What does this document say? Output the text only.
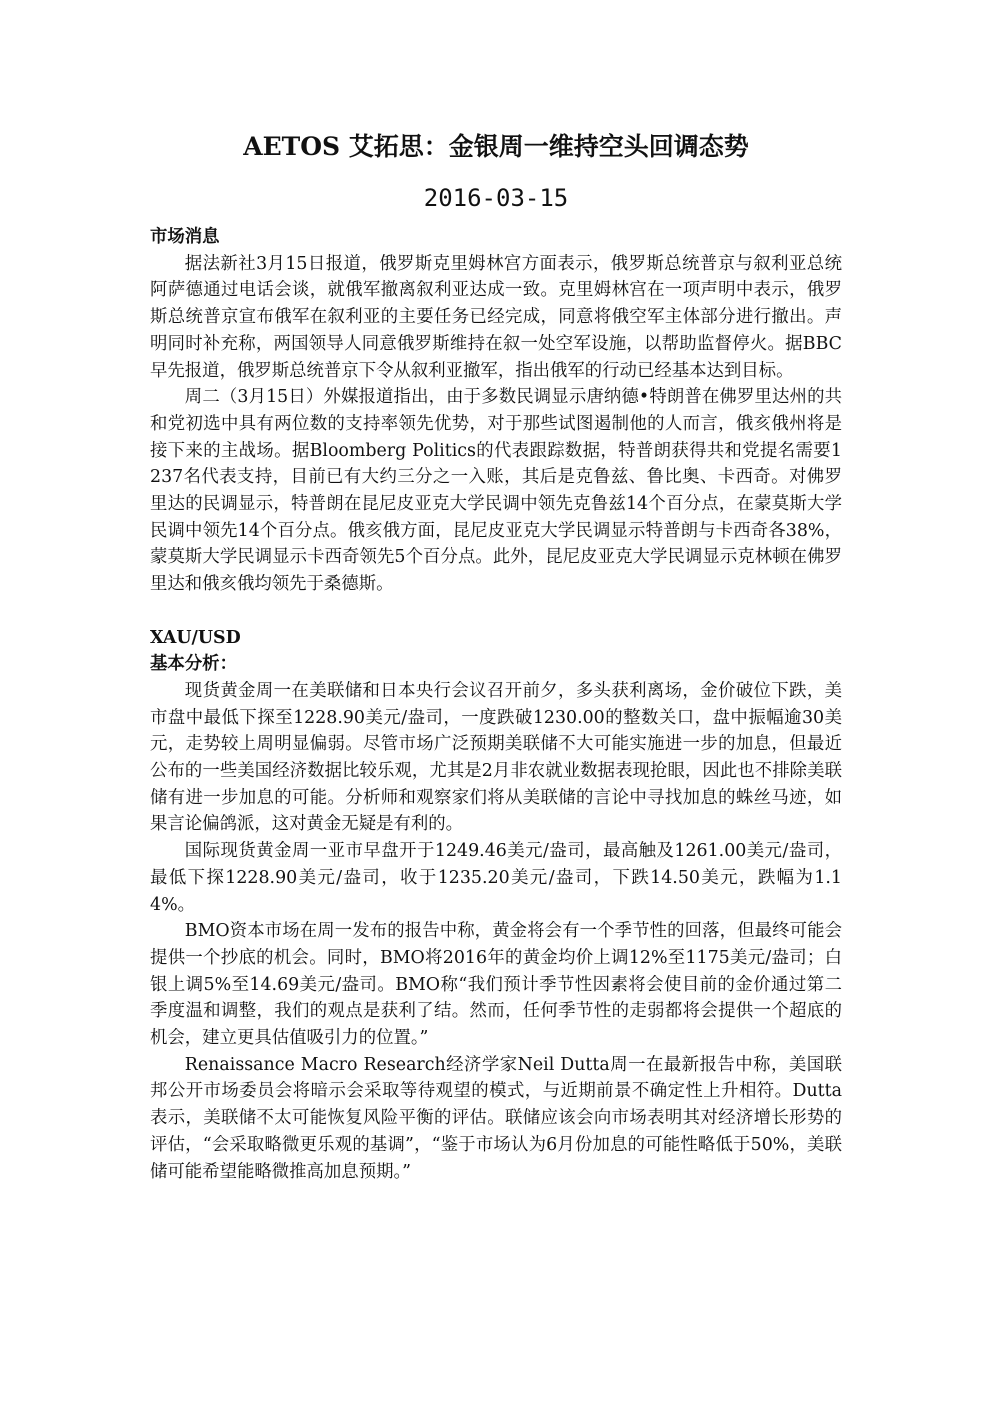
AETOS 艾拓思：金银周一维持空头回调态势
2016-03-15
市场消息

据法新社3月15日报道，俄罗斯克里姆林宫方面表示，俄罗斯总统普京与叙利亚总统阿萨德通过电话会谈，就俄军撤离叙利亚达成一致。克里姆林宫在一项声明中表示，俄罗斯总统普京宣布俄军在叙利亚的主要任务已经完成，同意将俄空军主体部分进行撤出。声明同时补充称，两国领导人同意俄罗斯维持在叙一处空军设施，以帮助监督停火。据BBC早先报道，俄罗斯总统普京下令从叙利亚撤军，指出俄军的行动已经基本达到目标。

周二（3月15日）外媒报道指出，由于多数民调显示唐纳德•特朗普在佛罗里达州的共和党初选中具有两位数的支持率领先优势，对于那些试图遏制他的人而言，俄亥俄州将是接下来的主战场。据Bloomberg Politics的代表跟踪数据，特普朗获得共和党提名需要1237名代表支持，目前已有大约三分之一入账，其后是克鲁兹、鲁比奥、卡西奇。对佛罗里达的民调显示，特普朗在昆尼皮亚克大学民调中领先克鲁兹14个百分点，在蒙莫斯大学民调中领先14个百分点。俄亥俄方面，昆尼皮亚克大学民调显示特普朗与卡西奇各38%，蒙莫斯大学民调显示卡西奇领先5个百分点。此外，昆尼皮亚克大学民调显示克林顿在佛罗里达和俄亥俄均领先于桑德斯。

XAU/USD
基本分析：

现货黄金周一在美联储和日本央行会议召开前夕，多头获利离场，金价破位下跌，美市盘中最低下探至1228.90美元/盎司，一度跌破1230.00的整数关口，盘中振幅逾30美元，走势较上周明显偏弱。尽管市场广泛预期美联储不大可能实施进一步的加息，但最近公布的一些美国经济数据比较乐观，尤其是2月非农就业数据表现抢眼，因此也不排除美联储有进一步加息的可能。分析师和观察家们将从美联储的言论中寻找加息的蛛丝马迹，如果言论偏鸽派，这对黄金无疑是有利的。

国际现货黄金周一亚市早盘开于1249.46美元/盎司，最高触及1261.00美元/盎司，最低下探1228.90美元/盎司，收于1235.20美元/盎司，下跌14.50美元，跌幅为1.14%。

BMO资本市场在周一发布的报告中称，黄金将会有一个季节性的回落，但最终可能会提供一个抄底的机会。同时，BMO将2016年的黄金均价上调12%至1175美元/盎司；白银上调5%至14.69美元/盎司。BMO称“我们预计季节性因素将会使目前的金价通过第二季度温和调整，我们的观点是获利了结。然而，任何季节性的走弱都将会提供一个超底的机会，建立更具估值吸引力的位置。”

Renaissance Macro Research经济学家Neil Dutta周一在最新报告中称，美国联邦公开市场委员会将暗示会采取等待观望的模式，与近期前景不确定性上升相符。Dutta表示，美联储不太可能恢复风险平衡的评估。联储应该会向市场表明其对经济增长形势的评估，“会采取略微更乐观的基调”，“鉴于市场认为6月份加息的可能性略低于50%，美联储可能希望能略微推高加息预期。”
